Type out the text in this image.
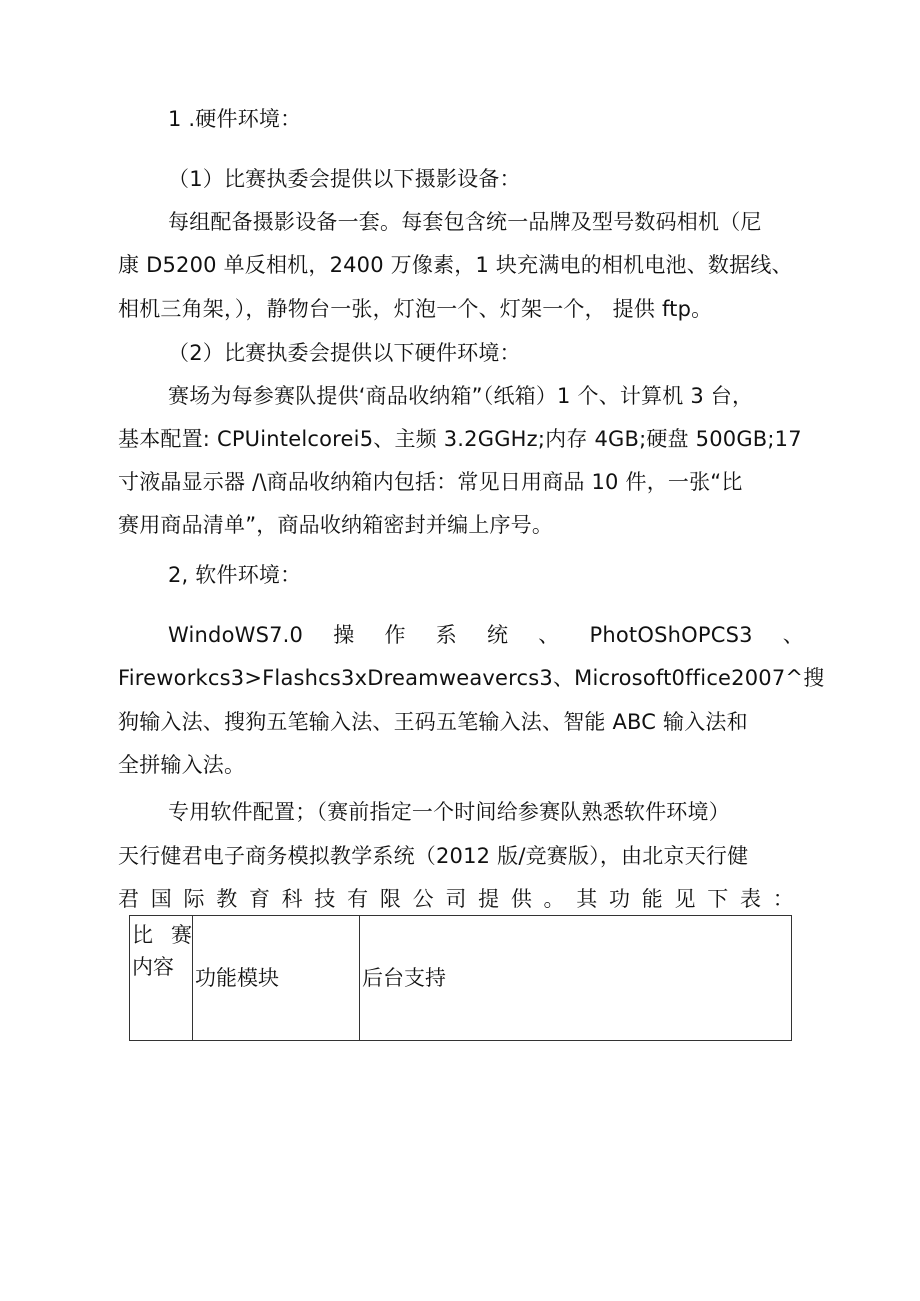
1 .硬件环境：
（1）比赛执委会提供以下摄影设备：
每组配备摄影设备一套。每套包含统一品牌及型号数码相机（尼
康 D5200 单反相机，2400 万像素，1 块充满电的相机电池、数据线、
相机三角架，），静物台一张，灯泡一个、灯架一个， 提供 ftp。
（2）比赛执委会提供以下硬件环境：
赛场为每参赛队提供‘商品收纳箱”（纸箱）1 个、计算机 3 台，
基本配置: CPUintelcorei5、主频 3.2GGHz;内存 4GB;硬盘 500GB;17
寸液晶显示器 /\商品收纳箱内包括：常见日用商品 10 件，一张“比
赛用商品清单”，商品收纳箱密封并编上序号。
2, 软件环境：
WindoWS7.0 操 作 系 统 、 PhotOShOPCS3 、
Fireworkcs3>Flashcs3xDreamweavercs3、Microsoft0ffice2007^搜
狗输入法、搜狗五笔输入法、王码五笔输入法、智能 ABC 输入法和
全拼输入法。
专用软件配置；（赛前指定一个时间给参赛队熟悉软件环境）
天行健君电子商务模拟教学系统（2012 版/竞赛版），由北京天行健
君 国 际 教 育 科 技 有 限 公 司 提 供 。 其 功 能 见 下 表 ：
比 赛
内容	功能模块	后台支持
